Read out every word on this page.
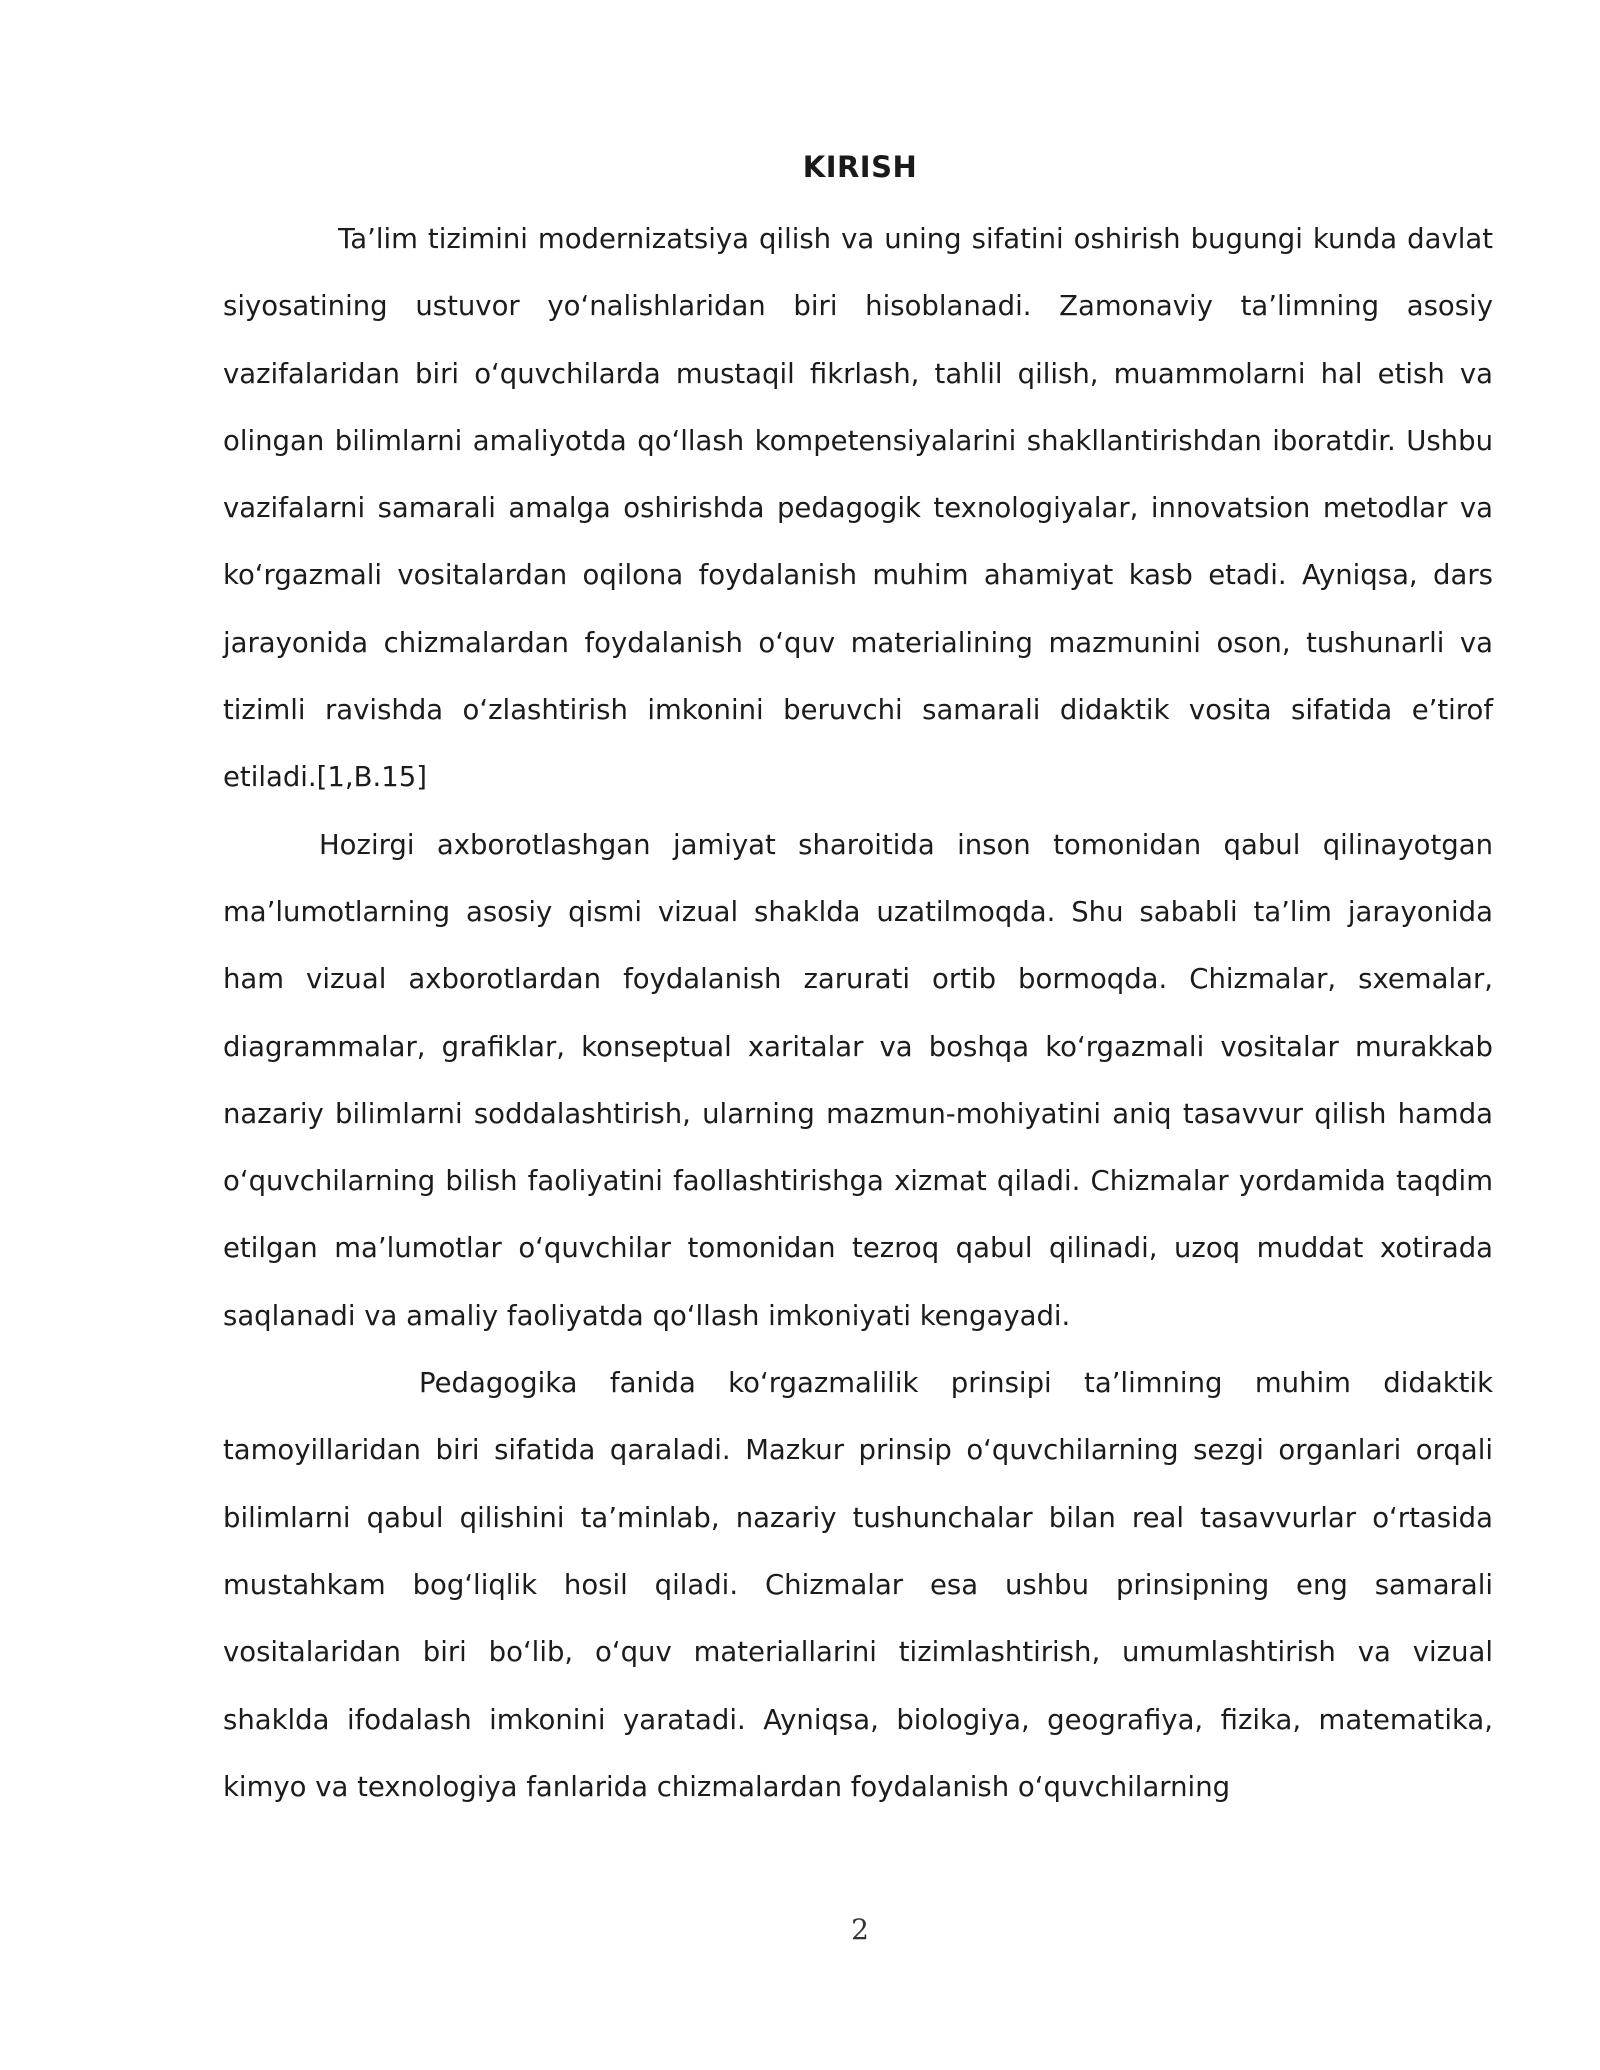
KIRISH

Ta’lim tizimini modernizatsiya qilish va uning sifatini oshirish bugungi kunda davlat siyosatining ustuvor yo‘nalishlaridan biri hisoblanadi. Zamonaviy ta’limning asosiy vazifalaridan biri o‘quvchilarda mustaqil fikrlash, tahlil qilish, muammolarni hal etish va olingan bilimlarni amaliyotda qo‘llash kompetensiyalarini shakllantirishdan iboratdir. Ushbu vazifalarni samarali amalga oshirishda pedagogik texnologiyalar, innovatsion metodlar va ko‘rgazmali vositalardan oqilona foydalanish muhim ahamiyat kasb etadi. Ayniqsa, dars jarayonida chizmalardan foydalanish o‘quv materialining mazmunini oson, tushunarli va tizimli ravishda o‘zlashtirish imkonini beruvchi samarali didaktik vosita sifatida e’tirof etiladi.[1,B.15]

Hozirgi axborotlashgan jamiyat sharoitida inson tomonidan qabul qilinayotgan ma’lumotlarning asosiy qismi vizual shaklda uzatilmoqda. Shu sababli ta’lim jarayonida ham vizual axborotlardan foydalanish zarurati ortib bormoqda. Chizmalar, sxemalar, diagrammalar, grafiklar, konseptual xaritalar va boshqa ko‘rgazmali vositalar murakkab nazariy bilimlarni soddalashtirish, ularning mazmun-mohiyatini aniq tasavvur qilish hamda o‘quvchilarning bilish faoliyatini faollashtirishga xizmat qiladi. Chizmalar yordamida taqdim etilgan ma’lumotlar o‘quvchilar tomonidan tezroq qabul qilinadi, uzoq muddat xotirada saqlanadi va amaliy faoliyatda qo‘llash imkoniyati kengayadi.

Pedagogika fanida ko‘rgazmalilik prinsipi ta’limning muhim didaktik tamoyillaridan biri sifatida qaraladi. Mazkur prinsip o‘quvchilarning sezgi organlari orqali bilimlarni qabul qilishini ta’minlab, nazariy tushunchalar bilan real tasavvurlar o‘rtasida mustahkam bog‘liqlik hosil qiladi. Chizmalar esa ushbu prinsipning eng samarali vositalaridan biri bo‘lib, o‘quv materiallarini tizimlashtirish, umumlashtirish va vizual shaklda ifodalash imkonini yaratadi. Ayniqsa, biologiya, geografiya, fizika, matematika, kimyo va texnologiya fanlarida chizmalardan foydalanish o‘quvchilarning

2
